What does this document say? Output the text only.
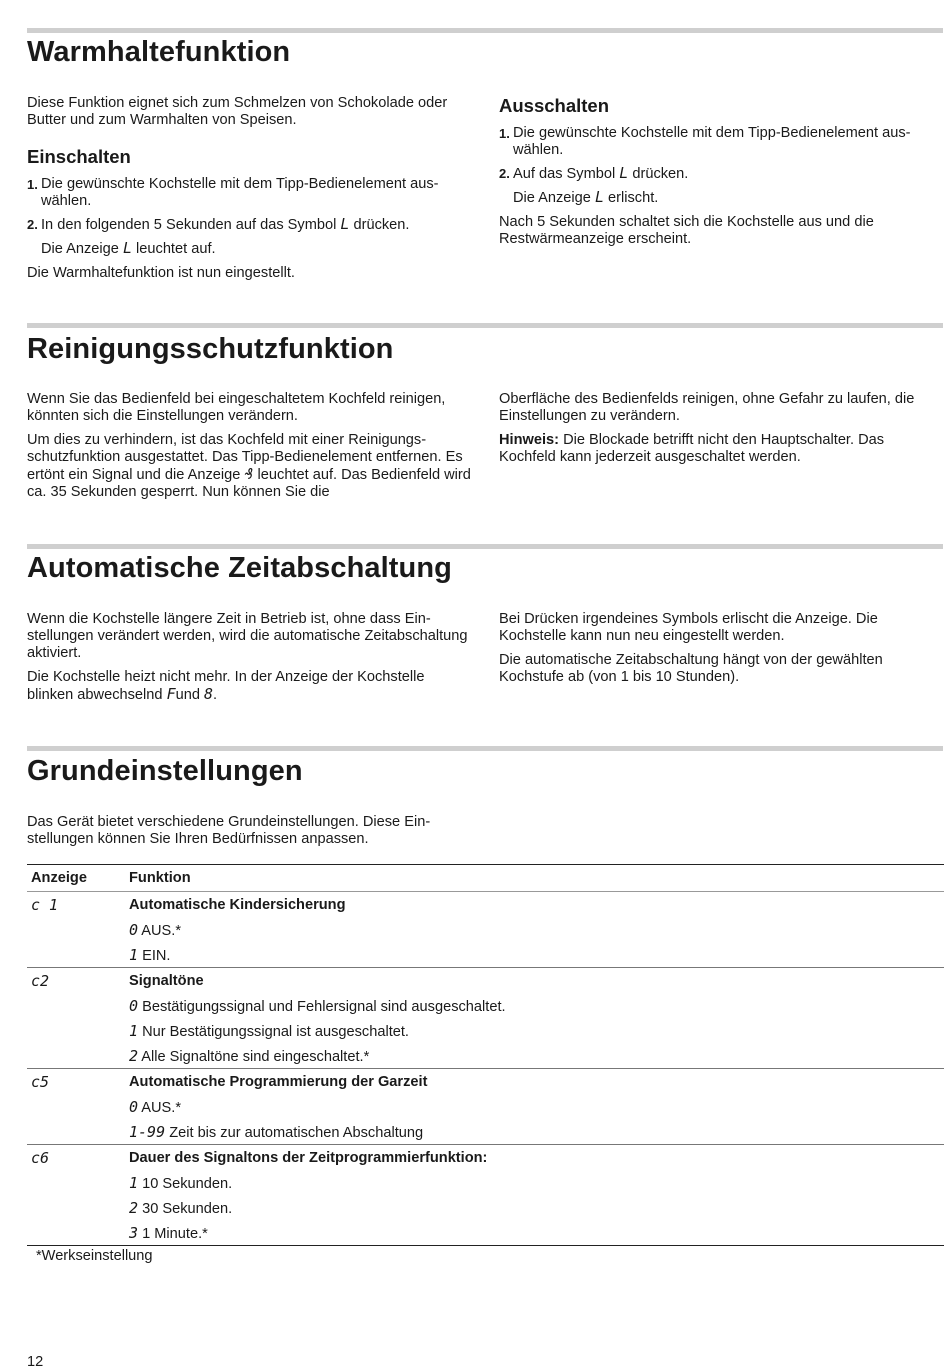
Warmhaltefunktion

Diese Funktion eignet sich zum Schmelzen von Schokolade oder Butter und zum Warmhalten von Speisen.

Einschalten
1. Die gewünschte Kochstelle mit dem Tipp-Bedienelement auswählen.
2. In den folgenden 5 Sekunden auf das Symbol L drücken.
Die Anzeige L leuchtet auf.

Die Warmhaltefunktion ist nun eingestellt.

Ausschalten
1. Die gewünschte Kochstelle mit dem Tipp-Bedienelement auswählen.
2. Auf das Symbol L drücken.
Die Anzeige L erlischt.

Nach 5 Sekunden schaltet sich die Kochstelle aus und die Restwärmeanzeige erscheint.

Reinigungsschutzfunktion

Wenn Sie das Bedienfeld bei eingeschaltetem Kochfeld reinigen, könnten sich die Einstellungen verändern.

Um dies zu verhindern, ist das Kochfeld mit einer Reinigungsschutzfunktion ausgestattet. Das Tipp-Bedienelement entfernen. Es ertönt ein Signal und die Anzeige ₰ leuchtet auf. Das Bedienfeld wird ca. 35 Sekunden gesperrt. Nun können Sie die

Oberfläche des Bedienfelds reinigen, ohne Gefahr zu laufen, die Einstellungen zu verändern.

Hinweis: Die Blockade betrifft nicht den Hauptschalter. Das Kochfeld kann jederzeit ausgeschaltet werden.

Automatische Zeitabschaltung

Wenn die Kochstelle längere Zeit in Betrieb ist, ohne dass Einstellungen verändert werden, wird die automatische Zeitabschaltung aktiviert.

Die Kochstelle heizt nicht mehr. In der Anzeige der Kochstelle blinken abwechselnd Fund 8.

Bei Drücken irgendeines Symbols erlischt die Anzeige. Die Kochstelle kann nun neu eingestellt werden.

Die automatische Zeitabschaltung hängt von der gewählten Kochstufe ab (von 1 bis 10 Stunden).

Grundeinstellungen

Das Gerät bietet verschiedene Grundeinstellungen. Diese Einstellungen können Sie Ihren Bedürfnissen anpassen.

Anzeige	Funktion
c 1	Automatische Kindersicherung
	0 AUS.*
	1 EIN.
c2	Signaltöne
	0 Bestätigungssignal und Fehlersignal sind ausgeschaltet.
	1 Nur Bestätigungssignal ist ausgeschaltet.
	2 Alle Signaltöne sind eingeschaltet.*
c5	Automatische Programmierung der Garzeit
	0 AUS.*
	1-99 Zeit bis zur automatischen Abschaltung
c6	Dauer des Signaltons der Zeitprogrammierfunktion:
	1 10 Sekunden.
	2 30 Sekunden.
	3 1 Minute.*
*Werkseinstellung
12
